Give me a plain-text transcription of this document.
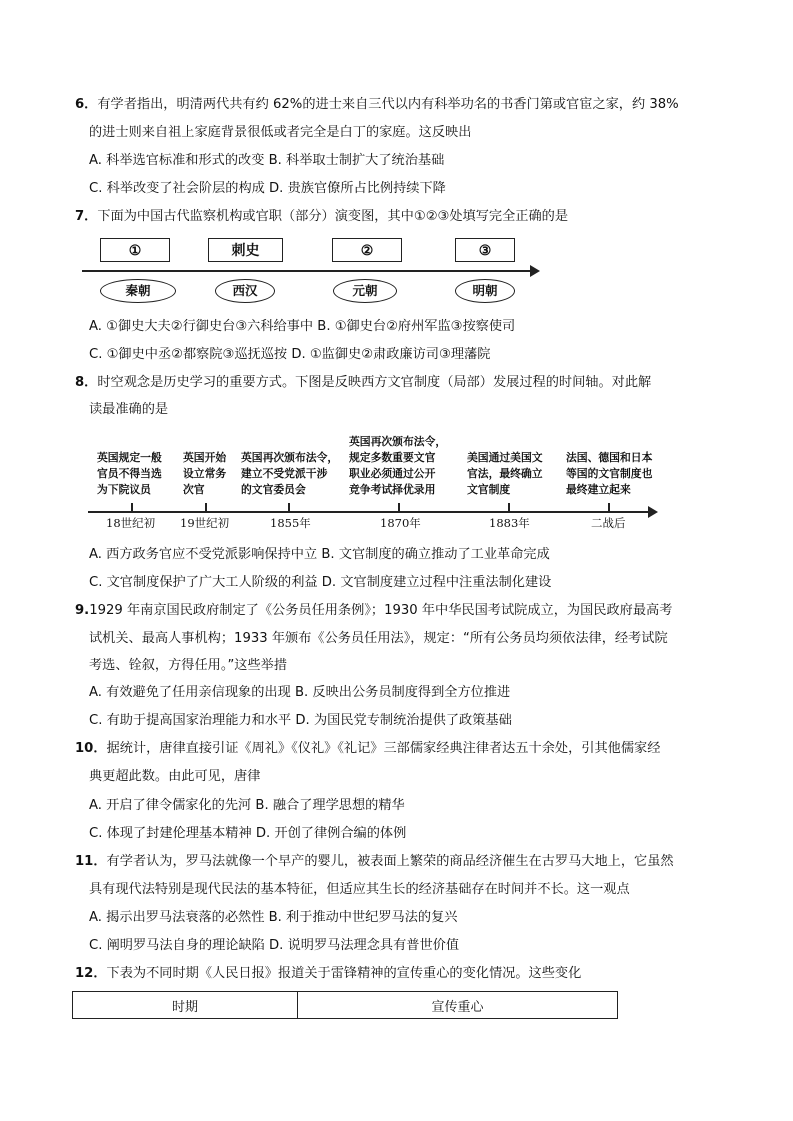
6．有学者指出，明清两代共有约 62%的进士来自三代以内有科举功名的书香门第或官宦之家，约 38%
的进士则来自祖上家庭背景很低或者完全是白丁的家庭。这反映出
A. 科举选官标准和形式的改变 B. 科举取士制扩大了统治基础
C. 科举改变了社会阶层的构成 D. 贵族官僚所占比例持续下降
7．下面为中国古代监察机构或官职（部分）演变图，其中①②③处填写完全正确的是
①	刺史	②	③
秦朝	西汉	元朝	明朝
A. ①御史大夫②行御史台③六科给事中 B. ①御史台②府州军监③按察使司
C. ①御史中丞②都察院③巡抚巡按 D. ①监御史②肃政廉访司③理藩院
8．时空观念是历史学习的重要方式。下图是反映西方文官制度（局部）发展过程的时间轴。对此解
读最准确的是
英国规定一般
官员不得当选
为下院议员
英国开始
设立常务
次官
英国再次颁布法令，
建立不受党派干涉
的文官委员会
英国再次颁布法令，
规定多数重要文官
职业必须通过公开
竞争考试择优录用
美国通过美国文
官法，最终确立
文官制度
法国、德国和日本
等国的文官制度也
最终建立起来
18世纪初 19世纪初	1855年	1870年	1883年	二战后
A. 西方政务官应不受党派影响保持中立 B. 文官制度的确立推动了工业革命完成
C. 文官制度保护了广大工人阶级的利益 D. 文官制度建立过程中注重法制化建设
9.1929 年南京国民政府制定了《公务员任用条例》；1930 年中华民国考试院成立，为国民政府最高考
试机关、最高人事机构；1933 年颁布《公务员任用法》，规定：“所有公务员均须依法律，经考试院
考选、铨叙，方得任用。”这些举措
A. 有效避免了任用亲信现象的出现 B. 反映出公务员制度得到全方位推进
C. 有助于提高国家治理能力和水平 D. 为国民党专制统治提供了政策基础
10．据统计，唐律直接引证《周礼》《仪礼》《礼记》三部儒家经典注律者达五十余处，引其他儒家经
典更超此数。由此可见，唐律
A. 开启了律令儒家化的先河 B. 融合了理学思想的精华
C. 体现了封建伦理基本精神 D. 开创了律例合编的体例
11．有学者认为，罗马法就像一个早产的婴儿，被表面上繁荣的商品经济催生在古罗马大地上，它虽然
具有现代法特别是现代民法的基本特征，但适应其生长的经济基础存在时间并不长。这一观点
A. 揭示出罗马法衰落的必然性 B. 利于推动中世纪罗马法的复兴
C. 阐明罗马法自身的理论缺陷 D. 说明罗马法理念具有普世价值
12．下表为不同时期《人民日报》报道关于雷锋精神的宣传重心的变化情况。这些变化
时期	宣传重心
